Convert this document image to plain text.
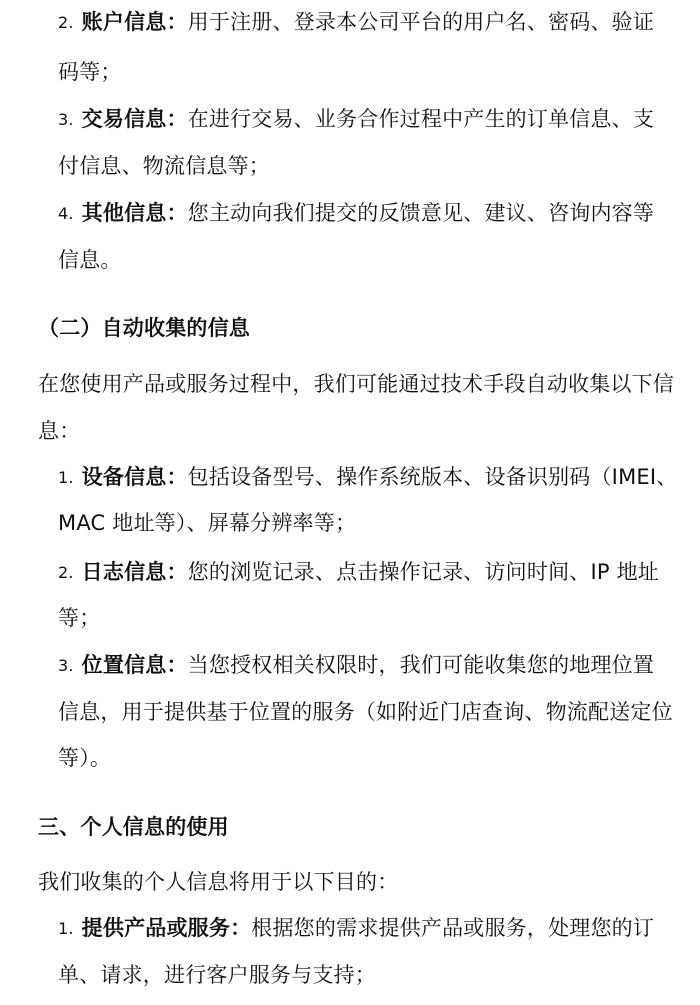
2. 账户信息：用于注册、登录本公司平台的用户名、密码、验证
码等；
3. 交易信息：在进行交易、业务合作过程中产生的订单信息、支
付信息、物流信息等；
4. 其他信息：您主动向我们提交的反馈意见、建议、咨询内容等
信息。
（二）自动收集的信息
在您使用产品或服务过程中，我们可能通过技术手段自动收集以下信
息：
1. 设备信息：包括设备型号、操作系统版本、设备识别码（IMEI、
MAC 地址等）、屏幕分辨率等；
2. 日志信息：您的浏览记录、点击操作记录、访问时间、IP 地址
等；
3. 位置信息：当您授权相关权限时，我们可能收集您的地理位置
信息，用于提供基于位置的服务（如附近门店查询、物流配送定位
等）。
三、个人信息的使用
我们收集的个人信息将用于以下目的：
1. 提供产品或服务：根据您的需求提供产品或服务，处理您的订
单、请求，进行客户服务与支持；
